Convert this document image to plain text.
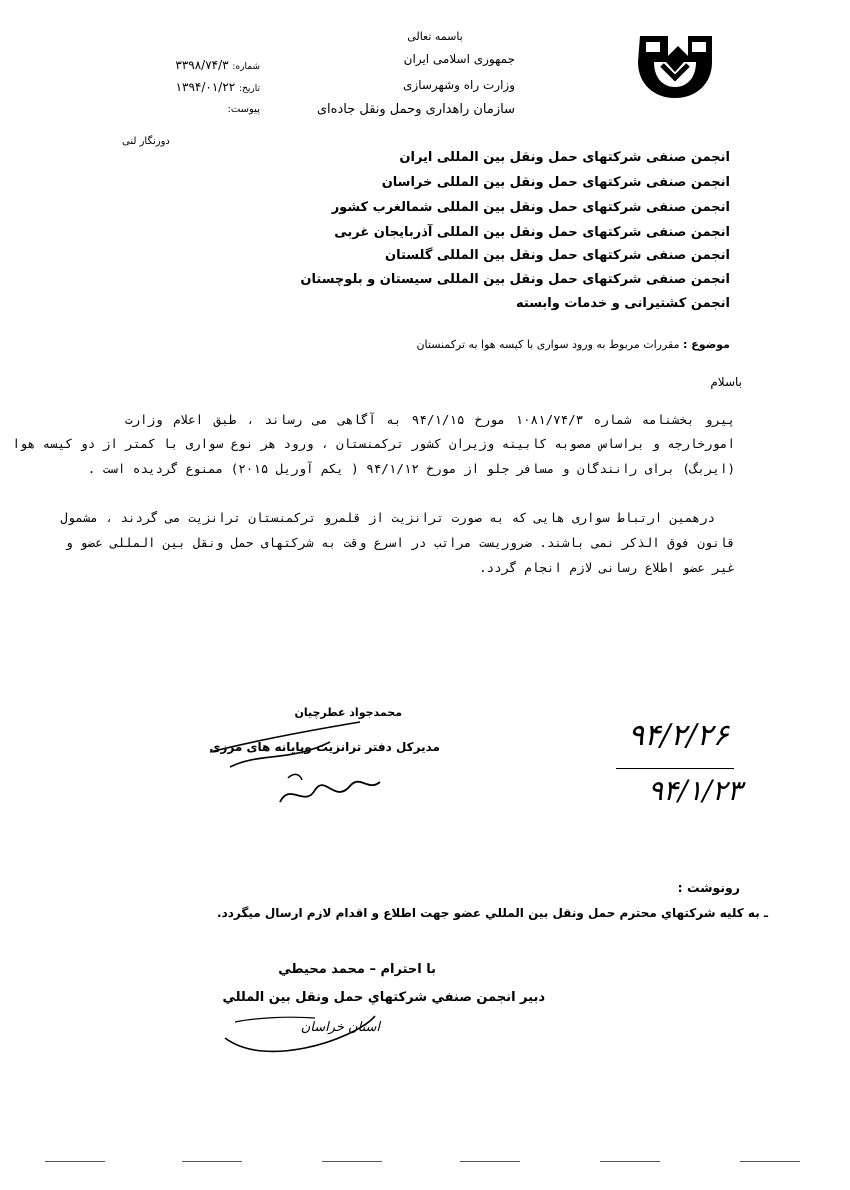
باسمه تعالی
جمهوری اسلامی ایران
وزارت راه وشهرسازی
سازمان راهداری وحمل ونقل جاده‌ای
شماره: ۳۳۹۸/۷۴/۳
تاریخ: ۱۳۹۴/۰۱/۲۲
پیوست:
دورنگار لنی
انجمن صنفی شرکتهای حمل ونقل بین المللی ایران
انجمن صنفی شرکتهای حمل ونقل بین المللی خراسان
انجمن صنفی شرکتهای حمل ونقل بین المللی شمالغرب کشور
انجمن صنفی شرکتهای حمل ونقل بین المللی آذربایجان غربی
انجمن صنفی شرکتهای حمل ونقل بین المللی گلستان
انجمن صنفی شرکتهای حمل ونقل بین المللی سیستان و بلوچستان
انجمن کشتیرانی و خدمات وابسته
موضوع : مقررات مربوط به ورود سواری با کیسه هوا به ترکمنستان
باسلام
پیرو بخشنامه شماره ۱۰۸۱/۷۴/۳ مورخ ۹۴/۱/۱۵ به آگاهی می رساند ، طبق اعلام وزارت
امورخارجه و براساس مصوبه کابینه وزیران کشور ترکمنستان ، ورود هر نوع سواری با کمتر از دو کیسه هوا
(ایربگ) برای رانندگان و مسافر جلو از مورخ ۹۴/۱/۱۲ ( یکم آوریل ۲۰۱۵) ممنوع گردیده است .
درهمین ارتباط سواری هایی که به صورت ترانزیت از قلمرو ترکمنستان ترانزیت می گردند ، مشمول
قانون فوق الذکر نمی باشند. ضروریست مراتب در اسرع وقت به شرکتهای حمل ونقل بین المللی عضو و
غیر عضو اطلاع رسانی لازم انجام گردد.
محمدجواد عطرچیان
مدیرکل دفتر ترانزیت وپایانه های مرزی	۹۴/۲/۲۶
۹۴/۱/۲۳
رونوشت :
ـ به کلیه شرکتهاي محترم حمل ونقل بین المللي عضو جهت اطلاع و اقدام لازم ارسال میگردد.
با احترام – محمد محیطي
دبیر انجمن صنفي شرکتهاي حمل ونقل بین المللي
استان خراسان
